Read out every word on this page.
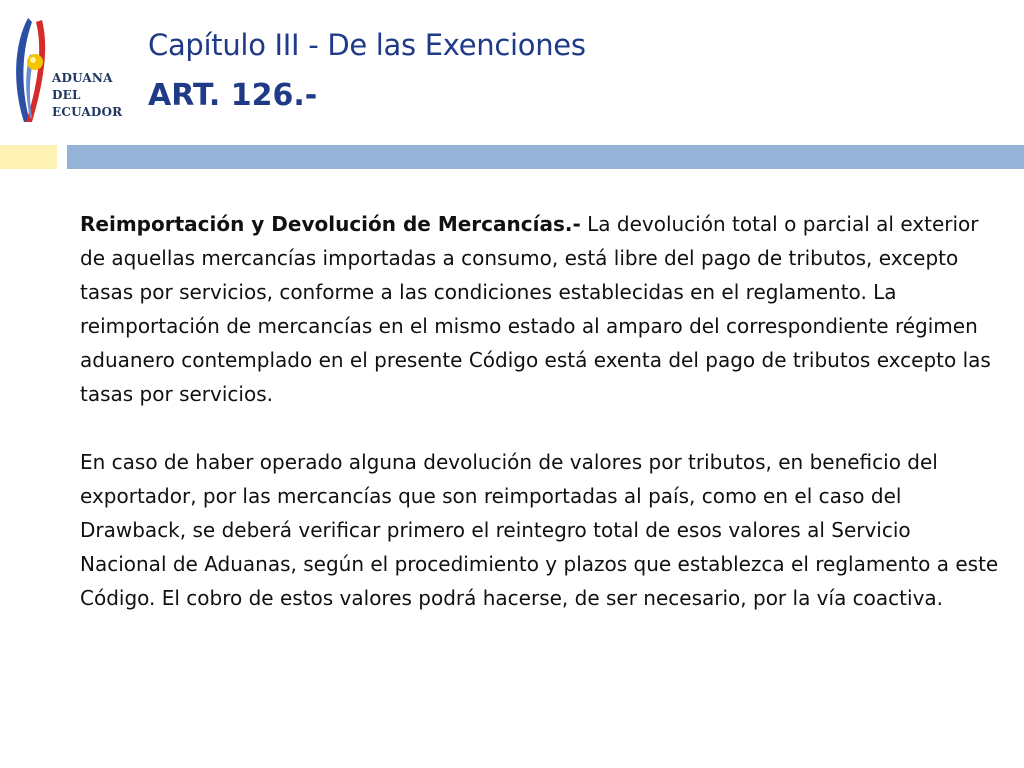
ADUANA
DEL
ECUADOR
Capítulo III - De las Exenciones
ART. 126.-

Reimportación y Devolución de Mercancías.- La devolución total o parcial al exterior de aquellas mercancías importadas a consumo, está libre del pago de tributos, excepto tasas por servicios, conforme a las condiciones establecidas en el reglamento. La reimportación de mercancías en el mismo estado al amparo del correspondiente régimen aduanero contemplado en el presente Código está exenta del pago de tributos excepto las tasas por servicios.

En caso de haber operado alguna devolución de valores por tributos, en beneficio del exportador, por las mercancías que son reimportadas al país, como en el caso del Drawback, se deberá verificar primero el reintegro total de esos valores al Servicio Nacional de Aduanas, según el procedimiento y plazos que establezca el reglamento a este Código. El cobro de estos valores podrá hacerse, de ser necesario, por la vía coactiva.
